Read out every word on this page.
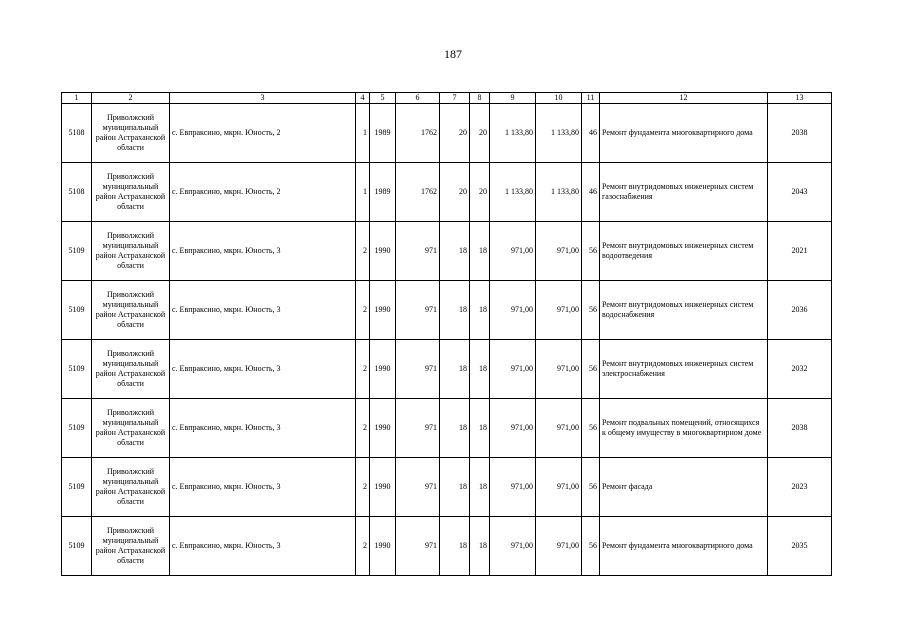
187
1	2	3	4	5	6	7	8	9	10	11	12	13
5108	Приволжский муниципальный район Астраханской области	с. Евпраксино, мкрн. Юность, 2	1	1989	1762	20	20	1 133,80	1 133,80	46	Ремонт фундамента многоквартирного дома	2038
5108	Приволжский муниципальный район Астраханской области	с. Евпраксино, мкрн. Юность, 2	1	1989	1762	20	20	1 133,80	1 133,80	46	Ремонт внутридомовых инженерных систем газоснабжения	2043
5109	Приволжский муниципальный район Астраханской области	с. Евпраксино, мкрн. Юность, 3	2	1990	971	18	18	971,00	971,00	56	Ремонт внутридомовых инженерных систем водоотведения	2021
5109	Приволжский муниципальный район Астраханской области	с. Евпраксино, мкрн. Юность, 3	2	1990	971	18	18	971,00	971,00	56	Ремонт внутридомовых инженерных систем водоснабжения	2036
5109	Приволжский муниципальный район Астраханской области	с. Евпраксино, мкрн. Юность, 3	2	1990	971	18	18	971,00	971,00	56	Ремонт внутридомовых инженерных систем электроснабжения	2032
5109	Приволжский муниципальный район Астраханской области	с. Евпраксино, мкрн. Юность, 3	2	1990	971	18	18	971,00	971,00	56	Ремонт подвальных помещений, относящихся к общему имуществу в многоквартирном доме	2038
5109	Приволжский муниципальный район Астраханской области	с. Евпраксино, мкрн. Юность, 3	2	1990	971	18	18	971,00	971,00	56	Ремонт фасада	2023
5109	Приволжский муниципальный район Астраханской области	с. Евпраксино, мкрн. Юность, 3	2	1990	971	18	18	971,00	971,00	56	Ремонт фундамента многоквартирного дома	2035
